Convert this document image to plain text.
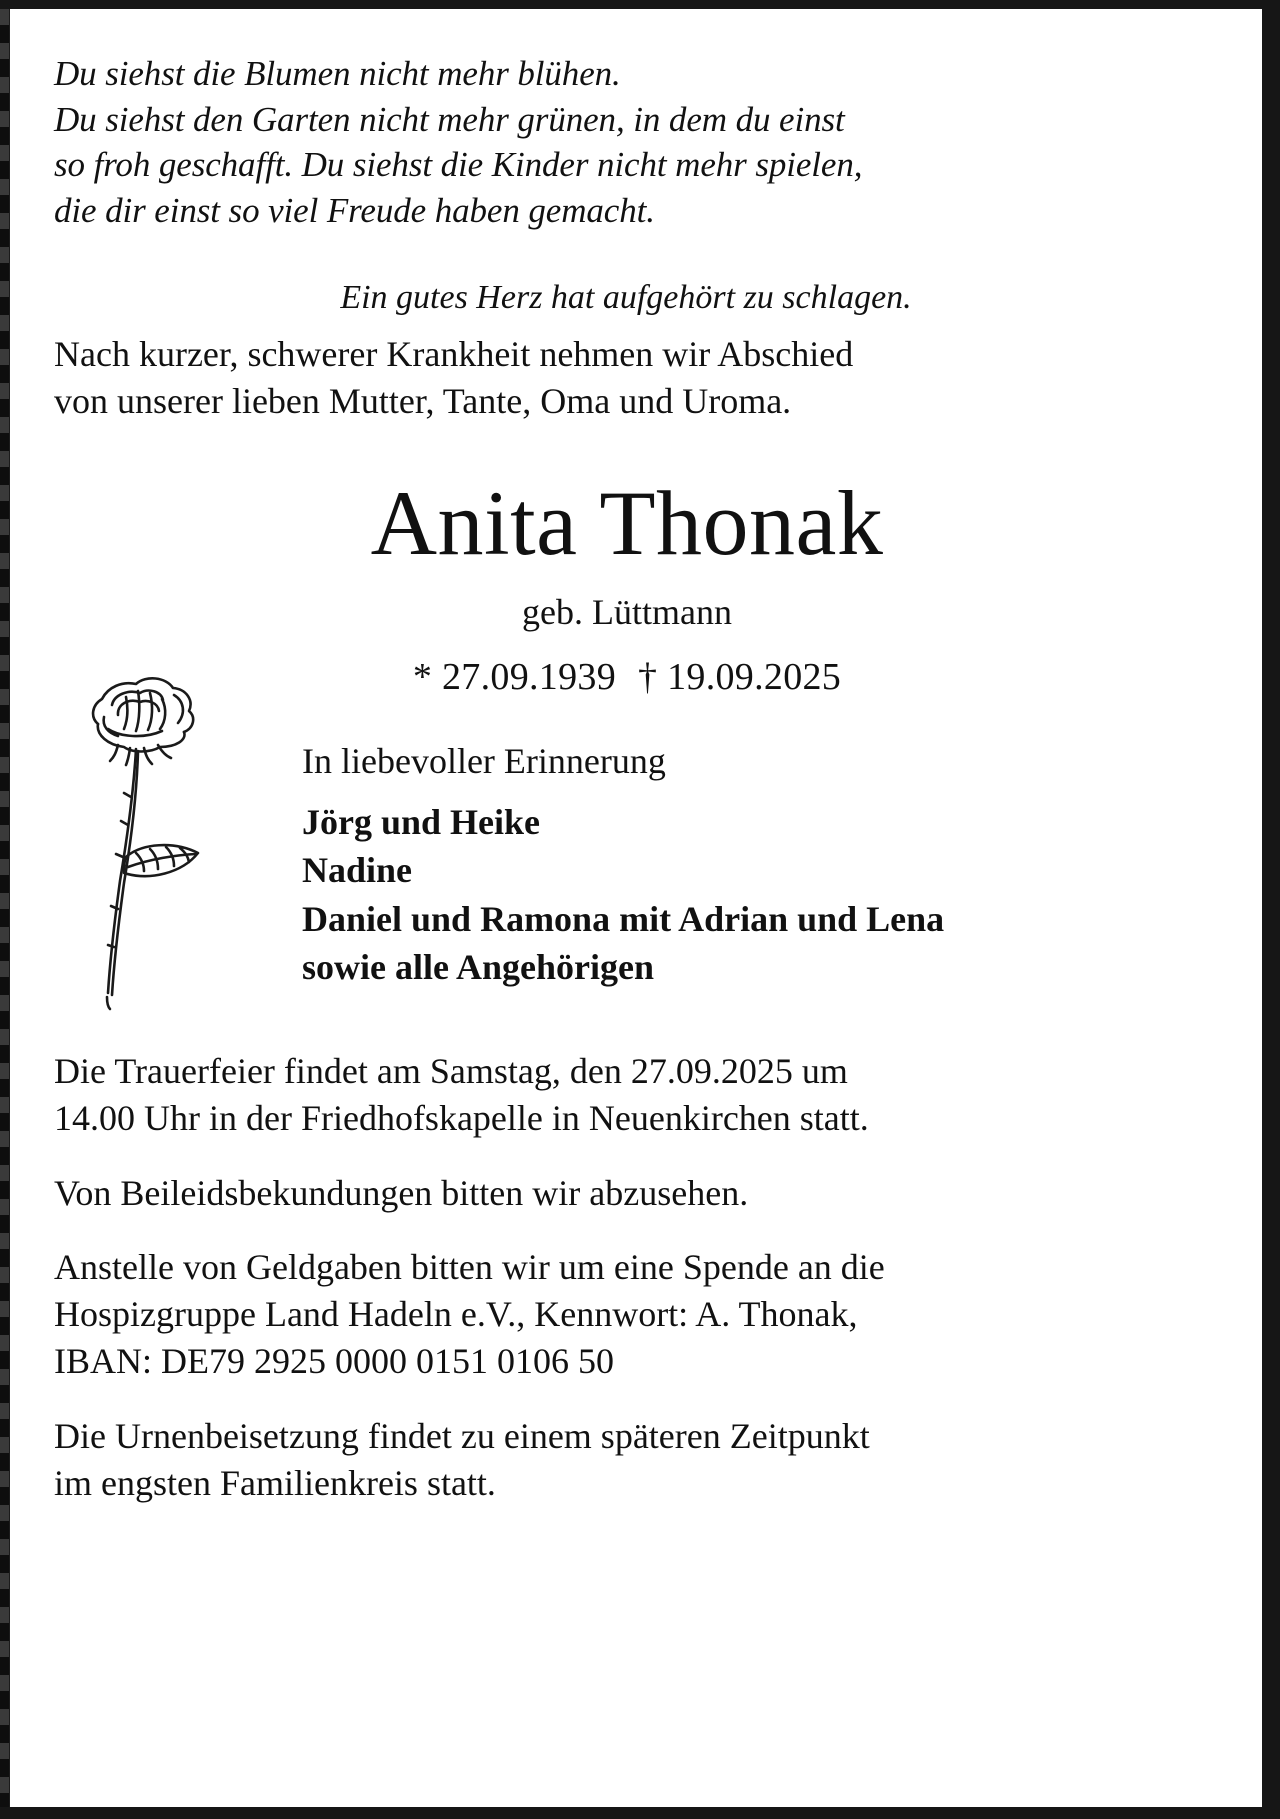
Du siehst die Blumen nicht mehr blühen.
Du siehst den Garten nicht mehr grünen, in dem du einst
so froh geschafft. Du siehst die Kinder nicht mehr spielen,
die dir einst so viel Freude haben gemacht.
Ein gutes Herz hat aufgehört zu schlagen.
Nach kurzer, schwerer Krankheit nehmen wir Abschied
von unserer lieben Mutter, Tante, Oma und Uroma.
Anita Thonak
geb. Lüttmann
* 27.09.1939 † 19.09.2025
In liebevoller Erinnerung
Jörg und Heike
Nadine
Daniel und Ramona mit Adrian und Lena
sowie alle Angehörigen
Die Trauerfeier findet am Samstag, den 27.09.2025 um
14.00 Uhr in der Friedhofskapelle in Neuenkirchen statt.
Von Beileidsbekundungen bitten wir abzusehen.
Anstelle von Geldgaben bitten wir um eine Spende an die
Hospizgruppe Land Hadeln e.V., Kennwort: A. Thonak,
IBAN: DE79 2925 0000 0151 0106 50
Die Urnenbeisetzung findet zu einem späteren Zeitpunkt
im engsten Familienkreis statt.
